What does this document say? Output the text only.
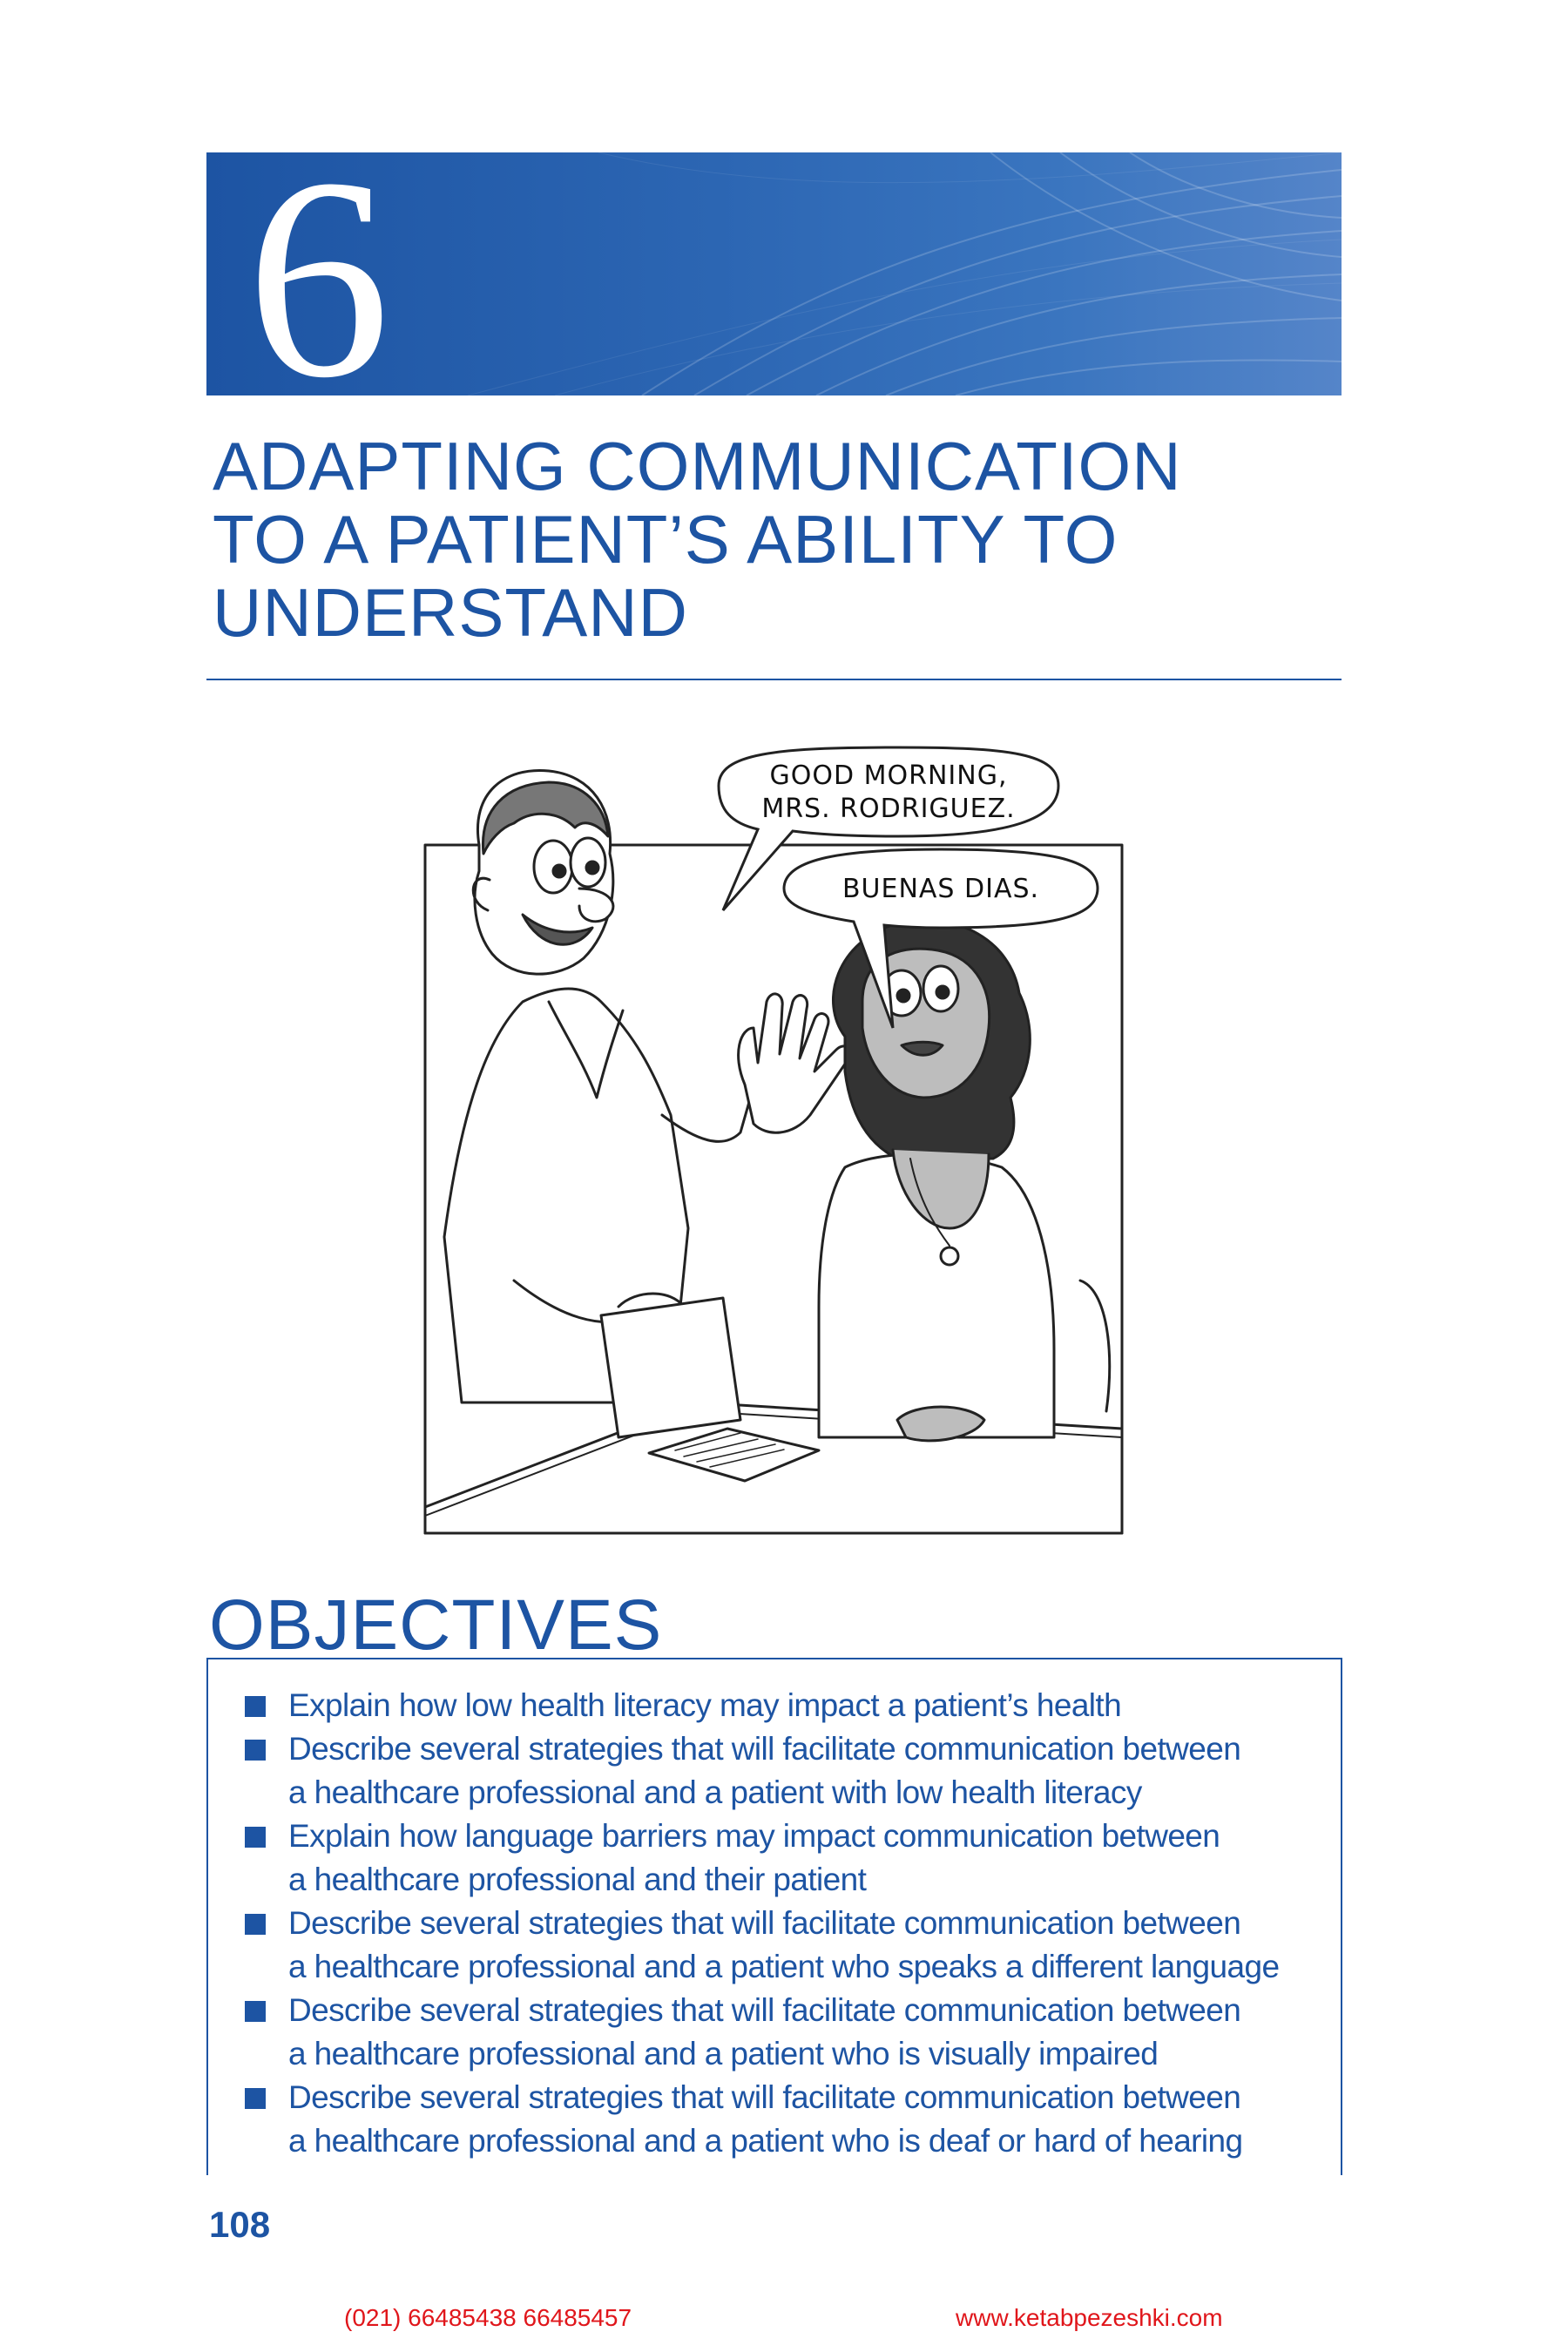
6
ADAPTING COMMUNICATION
TO A PATIENT’S ABILITY TO
UNDERSTAND
GOOD MORNING,
MRS. RODRIGUEZ.
BUENAS DIAS.
OBJECTIVES
Explain how low health literacy may impact a patient’s health
Describe several strategies that will facilitate communication between
a healthcare professional and a patient with low health literacy
Explain how language barriers may impact communication between
a healthcare professional and their patient
Describe several strategies that will facilitate communication between
a healthcare professional and a patient who speaks a different language
Describe several strategies that will facilitate communication between
a healthcare professional and a patient who is visually impaired
Describe several strategies that will facilitate communication between
a healthcare professional and a patient who is deaf or hard of hearing
108
(021) 66485438 66485457	www.ketabpezeshki.com
